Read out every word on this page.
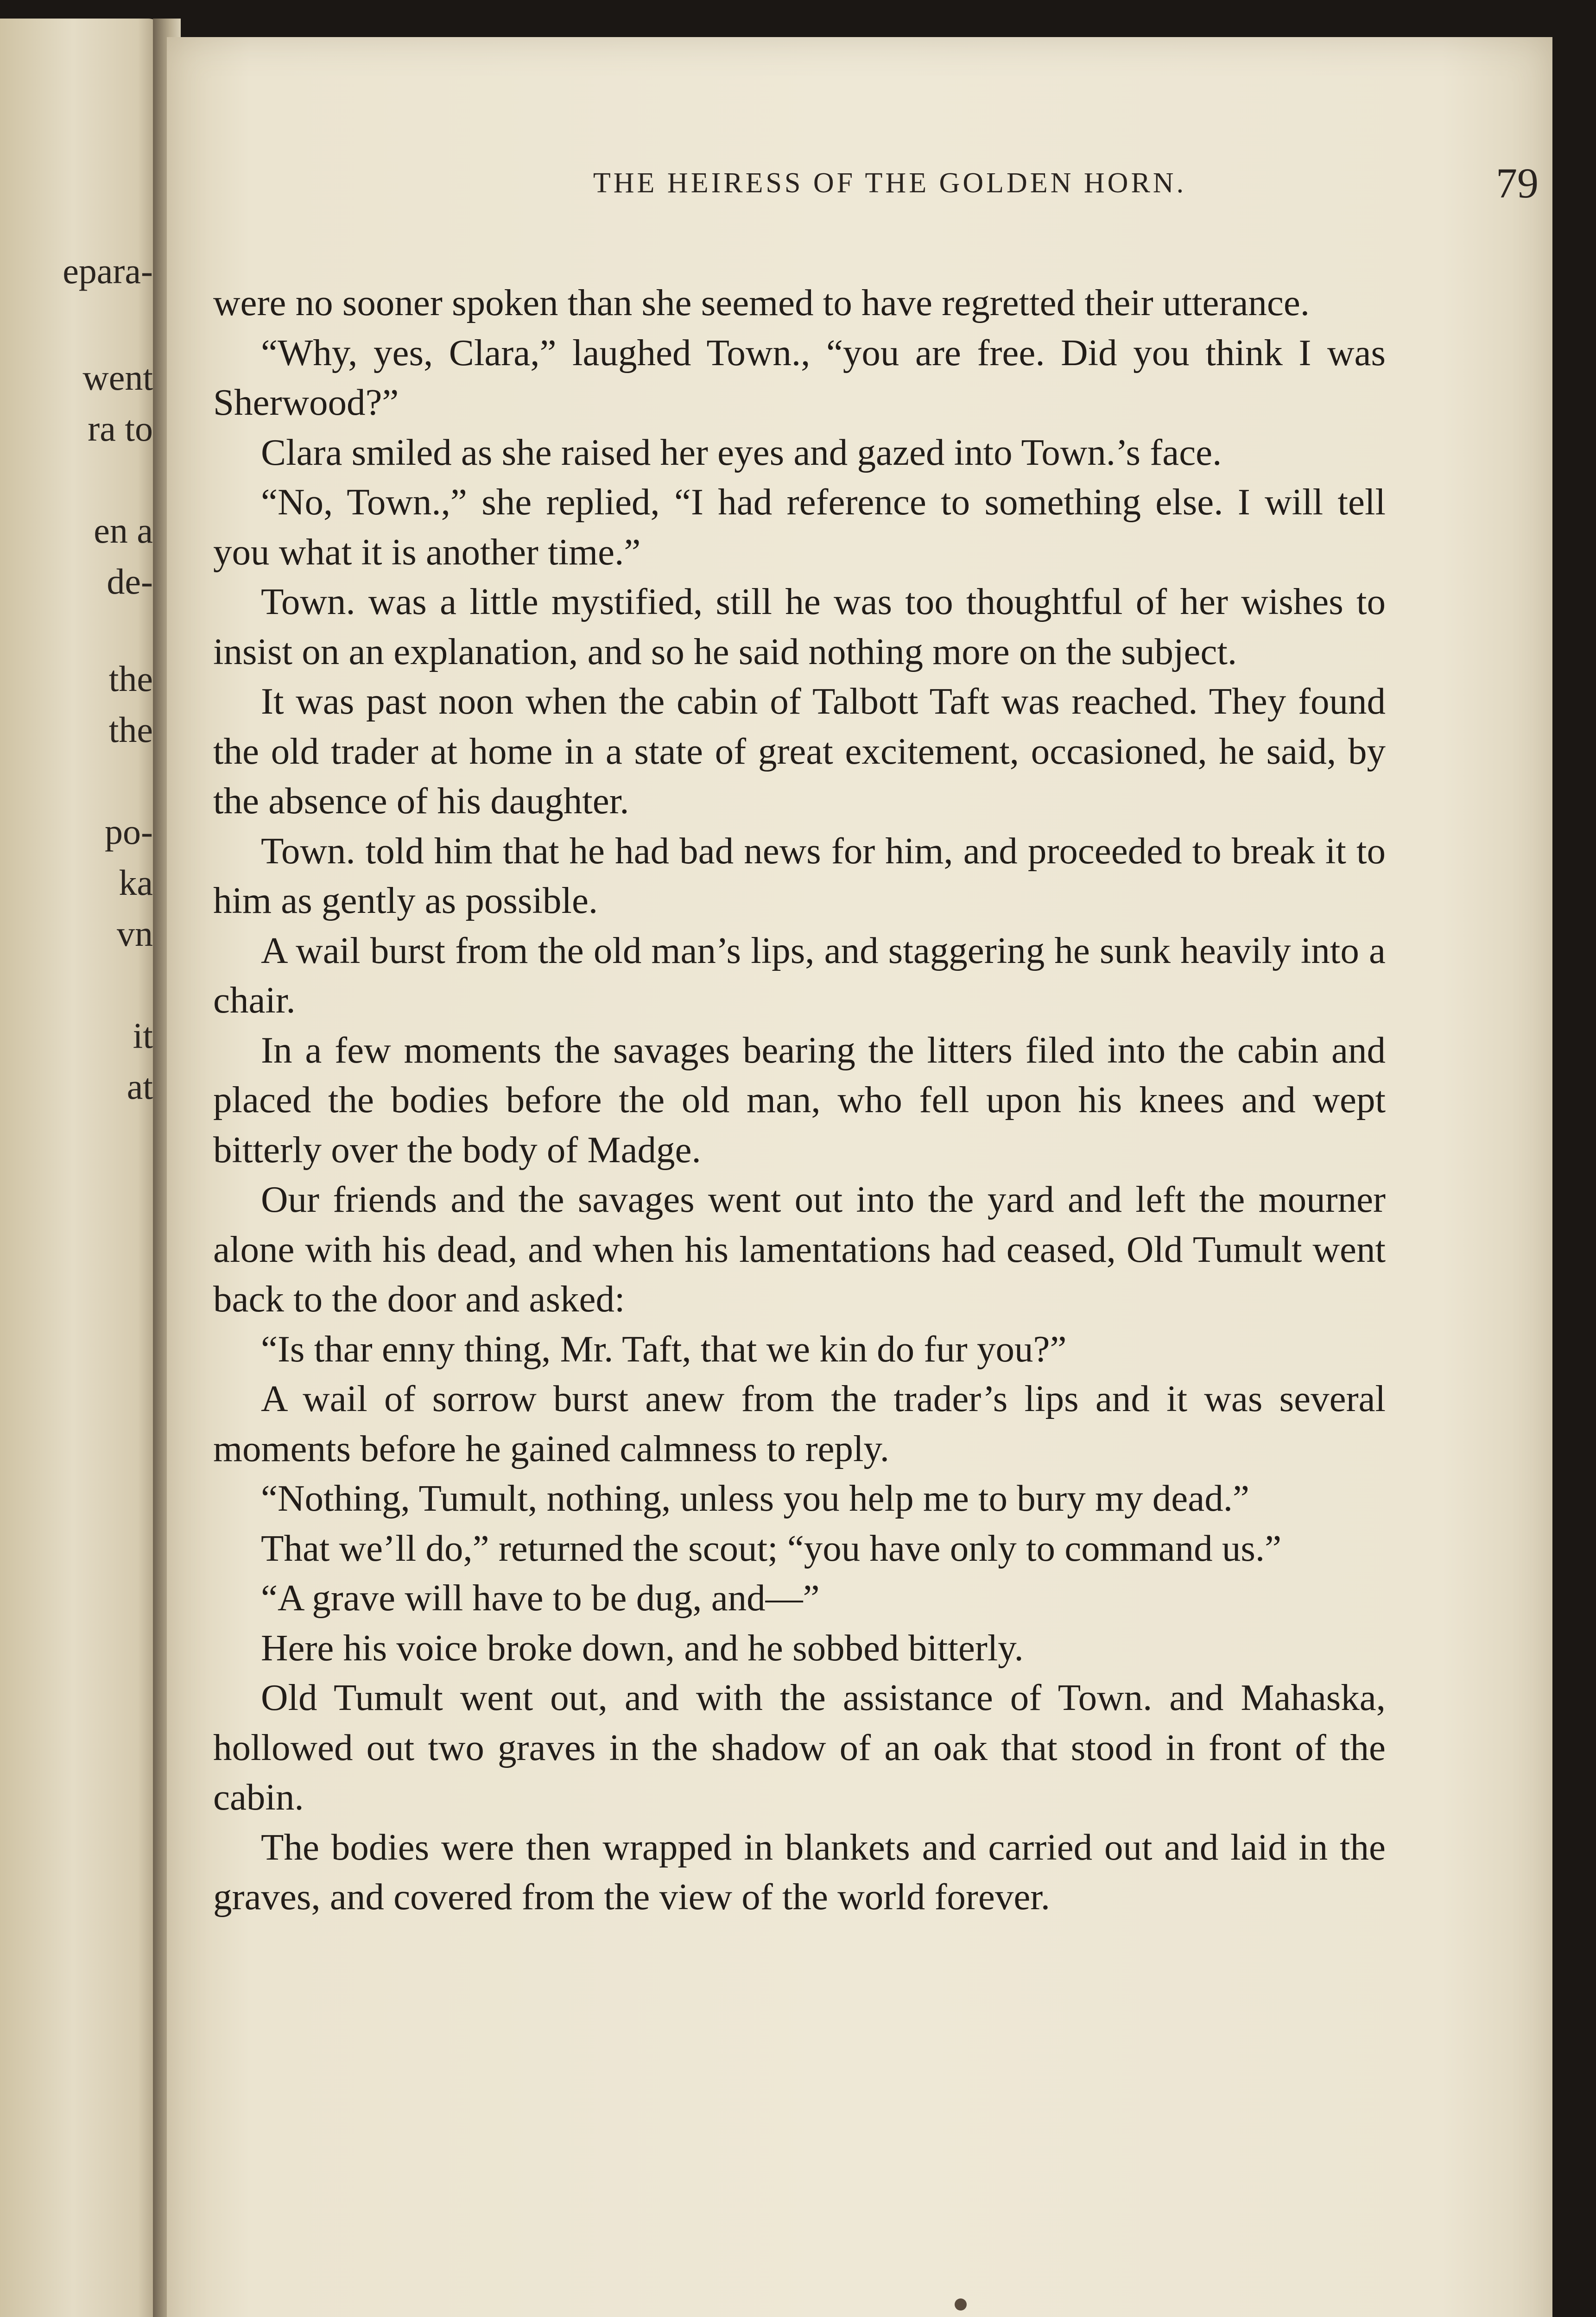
epara-
went
ra to
en a
de-
the
the
po-
ka
vn
it
at
THE HEIRESS OF THE GOLDEN HORN.	79

were no sooner spoken than she seemed to have regretted their utterance.

“Why, yes, Clara,” laughed Town., “you are free. Did you think I was Sherwood?”

Clara smiled as she raised her eyes and gazed into Town.’s face.

“No, Town.,” she replied, “I had reference to something else. I will tell you what it is another time.”

Town. was a little mystified, still he was too thoughtful of her wishes to insist on an explanation, and so he said nothing more on the subject.

It was past noon when the cabin of Talbott Taft was reached. They found the old trader at home in a state of great excitement, occasioned, he said, by the absence of his daughter.

Town. told him that he had bad news for him, and proceeded to break it to him as gently as possible.

A wail burst from the old man’s lips, and staggering he sunk heavily into a chair.

In a few moments the savages bearing the litters filed into the cabin and placed the bodies before the old man, who fell upon his knees and wept bitterly over the body of Madge.

Our friends and the savages went out into the yard and left the mourner alone with his dead, and when his lamentations had ceased, Old Tumult went back to the door and asked:

“Is thar enny thing, Mr. Taft, that we kin do fur you?”

A wail of sorrow burst anew from the trader’s lips and it was several moments before he gained calmness to reply.

“Nothing, Tumult, nothing, unless you help me to bury my dead.”

That we’ll do,” returned the scout; “you have only to command us.”

“A grave will have to be dug, and—”

Here his voice broke down, and he sobbed bitterly.

Old Tumult went out, and with the assistance of Town. and Mahaska, hollowed out two graves in the shadow of an oak that stood in front of the cabin.

The bodies were then wrapped in blankets and carried out and laid in the graves, and covered from the view of the world forever.
